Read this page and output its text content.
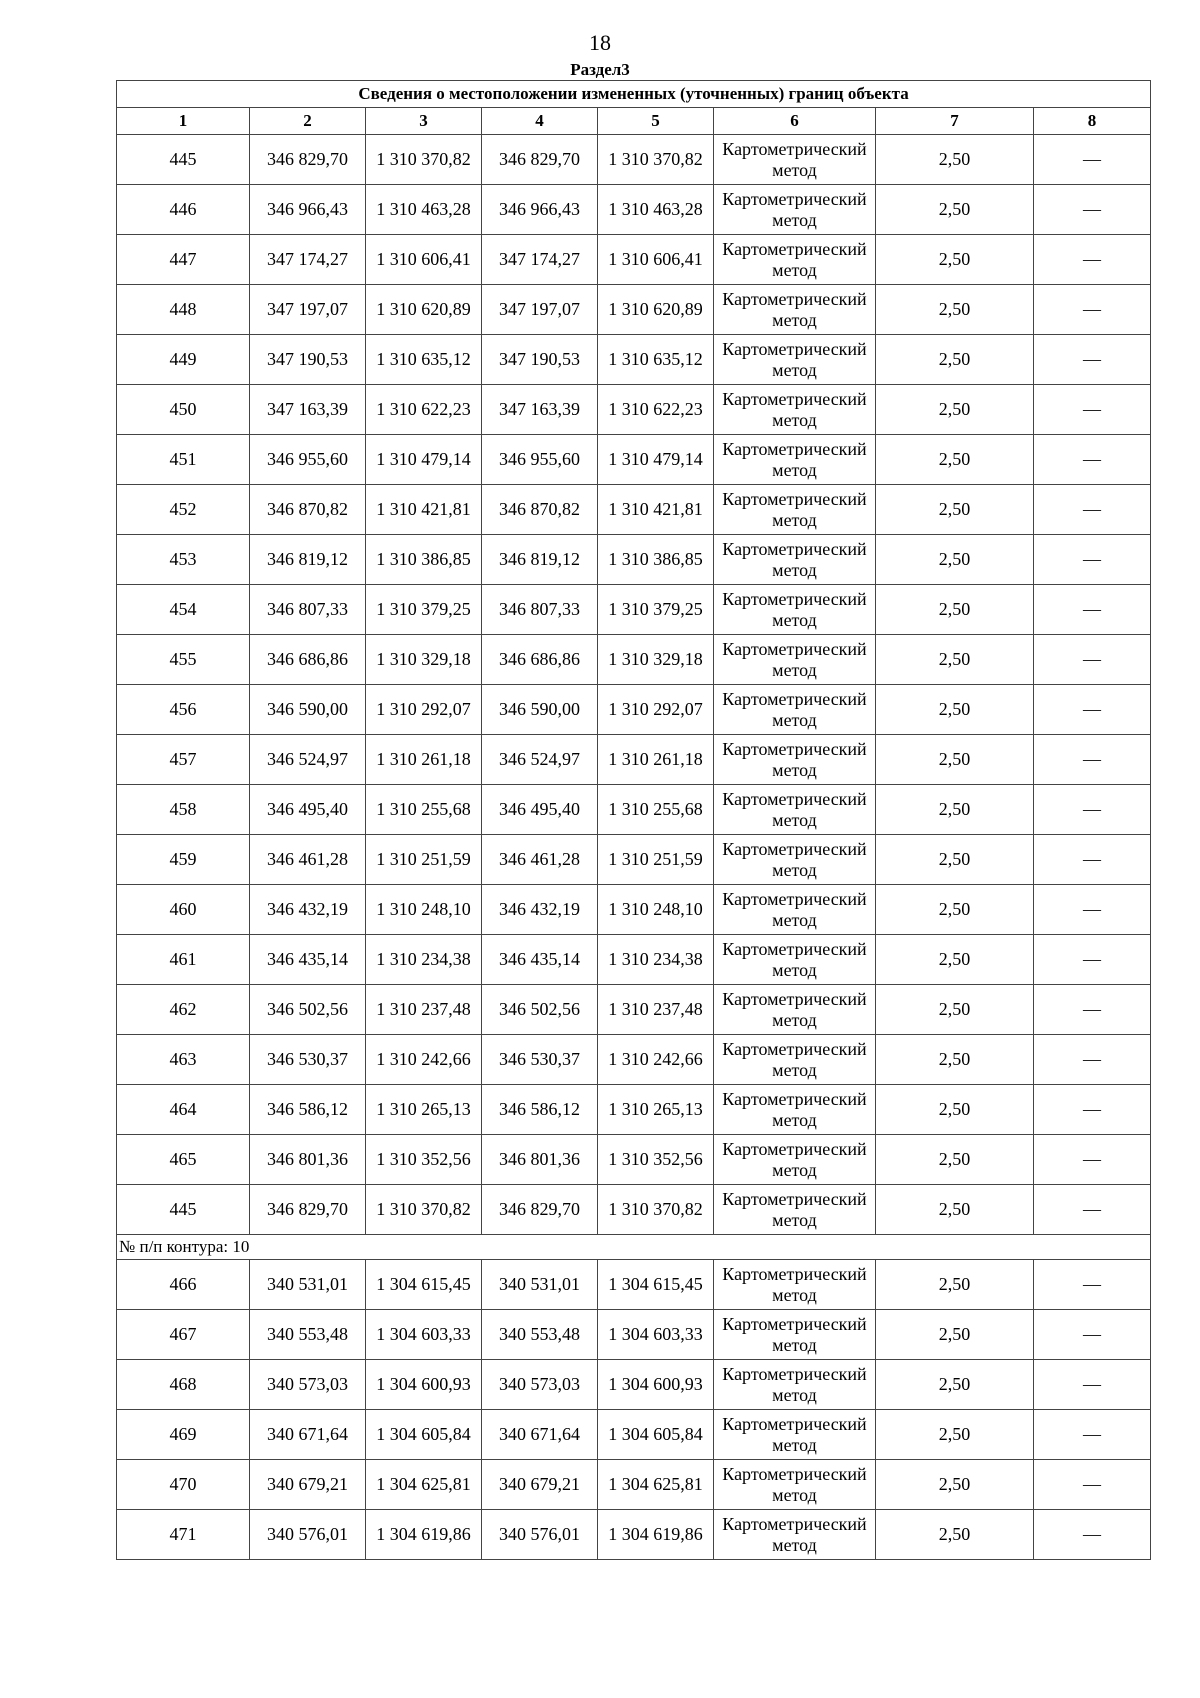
18
Раздел3
Сведения о местоположении измененных (уточненных) границ объекта							
1	2	3	4	5	6	7	8
445	346 829,70	1 310 370,82	346 829,70	1 310 370,82	Картометрический метод	2,50	—
446	346 966,43	1 310 463,28	346 966,43	1 310 463,28	Картометрический метод	2,50	—
447	347 174,27	1 310 606,41	347 174,27	1 310 606,41	Картометрический метод	2,50	—
448	347 197,07	1 310 620,89	347 197,07	1 310 620,89	Картометрический метод	2,50	—
449	347 190,53	1 310 635,12	347 190,53	1 310 635,12	Картометрический метод	2,50	—
450	347 163,39	1 310 622,23	347 163,39	1 310 622,23	Картометрический метод	2,50	—
451	346 955,60	1 310 479,14	346 955,60	1 310 479,14	Картометрический метод	2,50	—
452	346 870,82	1 310 421,81	346 870,82	1 310 421,81	Картометрический метод	2,50	—
453	346 819,12	1 310 386,85	346 819,12	1 310 386,85	Картометрический метод	2,50	—
454	346 807,33	1 310 379,25	346 807,33	1 310 379,25	Картометрический метод	2,50	—
455	346 686,86	1 310 329,18	346 686,86	1 310 329,18	Картометрический метод	2,50	—
456	346 590,00	1 310 292,07	346 590,00	1 310 292,07	Картометрический метод	2,50	—
457	346 524,97	1 310 261,18	346 524,97	1 310 261,18	Картометрический метод	2,50	—
458	346 495,40	1 310 255,68	346 495,40	1 310 255,68	Картометрический метод	2,50	—
459	346 461,28	1 310 251,59	346 461,28	1 310 251,59	Картометрический метод	2,50	—
460	346 432,19	1 310 248,10	346 432,19	1 310 248,10	Картометрический метод	2,50	—
461	346 435,14	1 310 234,38	346 435,14	1 310 234,38	Картометрический метод	2,50	—
462	346 502,56	1 310 237,48	346 502,56	1 310 237,48	Картометрический метод	2,50	—
463	346 530,37	1 310 242,66	346 530,37	1 310 242,66	Картометрический метод	2,50	—
464	346 586,12	1 310 265,13	346 586,12	1 310 265,13	Картометрический метод	2,50	—
465	346 801,36	1 310 352,56	346 801,36	1 310 352,56	Картометрический метод	2,50	—
445	346 829,70	1 310 370,82	346 829,70	1 310 370,82	Картометрический метод	2,50	—
№ п/п контура: 10							
466	340 531,01	1 304 615,45	340 531,01	1 304 615,45	Картометрический метод	2,50	—
467	340 553,48	1 304 603,33	340 553,48	1 304 603,33	Картометрический метод	2,50	—
468	340 573,03	1 304 600,93	340 573,03	1 304 600,93	Картометрический метод	2,50	—
469	340 671,64	1 304 605,84	340 671,64	1 304 605,84	Картометрический метод	2,50	—
470	340 679,21	1 304 625,81	340 679,21	1 304 625,81	Картометрический метод	2,50	—
471	340 576,01	1 304 619,86	340 576,01	1 304 619,86	Картометрический метод	2,50	—
